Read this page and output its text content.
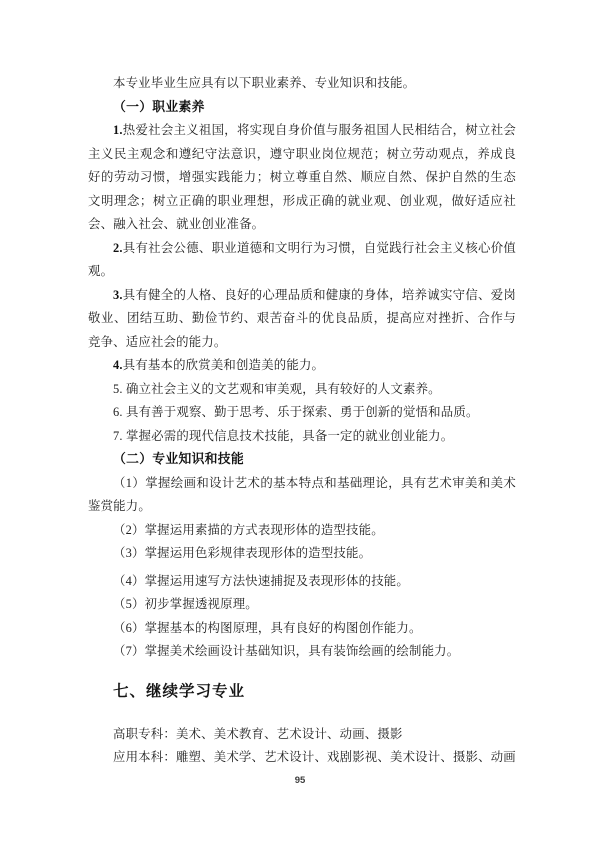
本专业毕业生应具有以下职业素养、专业知识和技能。

（一）职业素养

1.热爱社会主义祖国，将实现自身价值与服务祖国人民相结合，树立社会主义民主观念和遵纪守法意识，遵守职业岗位规范；树立劳动观点，养成良好的劳动习惯，增强实践能力；树立尊重自然、顺应自然、保护自然的生态文明理念；树立正确的职业理想，形成正确的就业观、创业观，做好适应社会、融入社会、就业创业准备。

2.具有社会公德、职业道德和文明行为习惯，自觉践行社会主义核心价值观。

3.具有健全的人格、良好的心理品质和健康的身体，培养诚实守信、爱岗敬业、团结互助、勤俭节约、艰苦奋斗的优良品质，提高应对挫折、合作与竞争、适应社会的能力。

4.具有基本的欣赏美和创造美的能力。

5. 确立社会主义的文艺观和审美观，具有较好的人文素养。

6. 具有善于观察、勤于思考、乐于探索、勇于创新的觉悟和品质。

7. 掌握必需的现代信息技术技能，具备一定的就业创业能力。

（二）专业知识和技能

（1）掌握绘画和设计艺术的基本特点和基础理论，具有艺术审美和美术鉴赏能力。

（2）掌握运用素描的方式表现形体的造型技能。

（3）掌握运用色彩规律表现形体的造型技能。

（4）掌握运用速写方法快速捕捉及表现形体的技能。

（5）初步掌握透视原理。

（6）掌握基本的构图原理，具有良好的构图创作能力。

（7）掌握美术绘画设计基础知识，具有装饰绘画的绘制能力。

七、继续学习专业

高职专科：美术、美术教育、艺术设计、动画、摄影

应用本科：雕塑、美术学、艺术设计、戏剧影视、美术设计、摄影、动画

95
